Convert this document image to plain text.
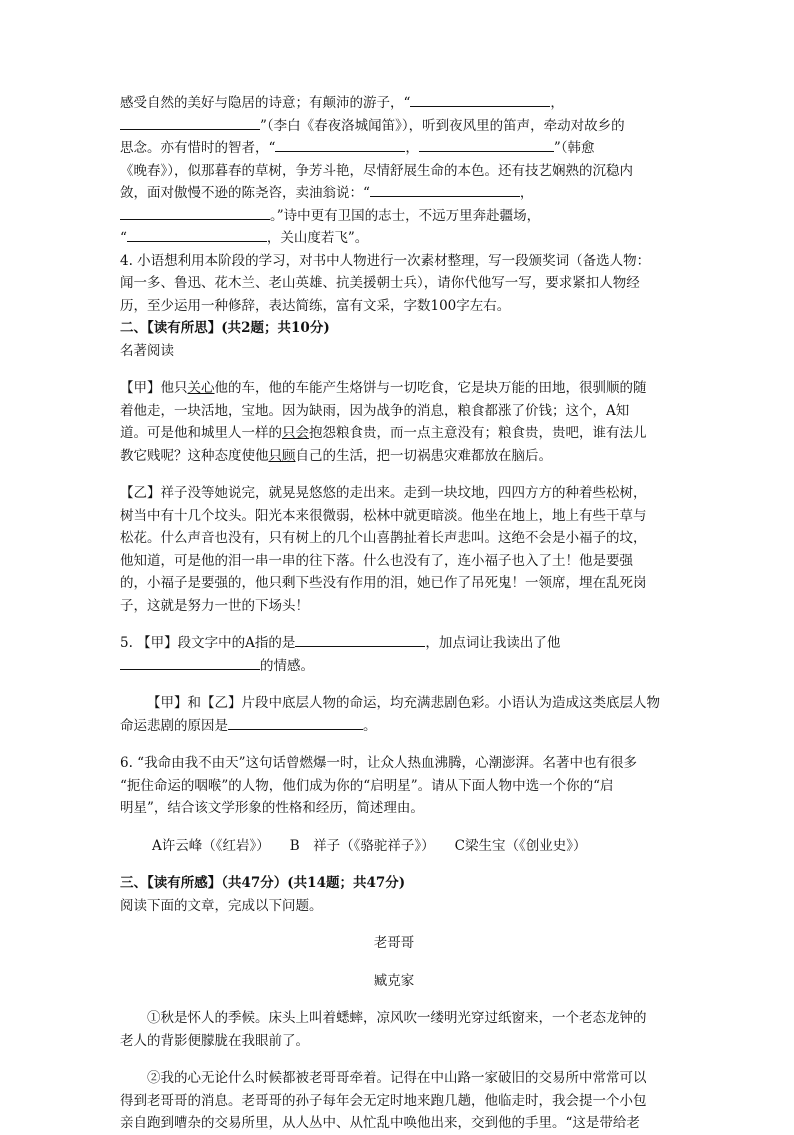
感受自然的美好与隐居的诗意；有颠沛的游子，“	，

”（李白《春夜洛城闻笛》），听到夜风里的笛声，牵动对故乡的

思念。亦有惜时的智者，“	，	”（韩愈

《晚春》），似那暮春的草树，争芳斗艳，尽情舒展生命的本色。还有技艺娴熟的沉稳内

敛，面对傲慢不逊的陈尧咨，卖油翁说：“	，

。”诗中更有卫国的志士，不远万里奔赴疆场，

“	，关山度若飞”。

4. 小语想利用本阶段的学习，对书中人物进行一次素材整理，写一段颁奖词（备选人物：

闻一多、鲁迅、花木兰、老山英雄、抗美援朝士兵），请你代他写一写，要求紧扣人物经

历，至少运用一种修辞，表达简练，富有文采，字数100字左右。

二、【读有所思】(共2题；共10分)

名著阅读

【甲】他只关心他的车，他的车能产生烙饼与一切吃食，它是块万能的田地，很驯顺的随

着他走，一块活地，宝地。因为缺雨，因为战争的消息，粮食都涨了价钱；这个，A知

道。可是他和城里人一样的只会抱怨粮食贵，而一点主意没有；粮食贵，贵吧，谁有法儿

教它贱呢？这种态度使他只顾自己的生活，把一切祸患灾难都放在脑后。

【乙】祥子没等她说完，就晃晃悠悠的走出来。走到一块坟地，四四方方的种着些松树，

树当中有十几个坟头。阳光本来很微弱，松林中就更暗淡。他坐在地上，地上有些干草与

松花。什么声音也没有，只有树上的几个山喜鹊扯着长声悲叫。这绝不会是小福子的坟，

他知道，可是他的泪一串一串的往下落。什么也没有了，连小福子也入了土！他是要强

的，小福子是要强的，他只剩下些没有作用的泪，她已作了吊死鬼！一领席，埋在乱死岗

子，这就是努力一世的下场头！

5. 【甲】段文字中的A指的是	，加点词让我读出了他

的情感。

【甲】和【乙】片段中底层人物的命运，均充满悲剧色彩。小语认为造成这类底层人物

命运悲剧的原因是	。

6. “我命由我不由天”这句话曾燃爆一时，让众人热血沸腾，心潮澎湃。名著中也有很多

“扼住命运的咽喉”的人物，他们成为你的“启明星”。请从下面人物中选一个你的“启

明星”，结合该文学形象的性格和经历，简述理由。

A许云峰（《红岩》） B　祥子（《骆驼祥子》） C梁生宝（《创业史》）

三、【读有所感】（共47分）(共14题；共47分)

阅读下面的文章，完成以下问题。

老哥哥

臧克家

①秋是怀人的季候。床头上叫着蟋蟀，凉风吹一缕明光穿过纸窗来，一个老态龙钟的

老人的背影便朦胧在我眼前了。

②我的心无论什么时候都被老哥哥牵着。记得在中山路一家破旧的交易所中常常可以

得到老哥哥的消息。老哥哥的孙子每年会无定时地来跑几趟，他临走时，我会提一个小包

亲自跑到嘈杂的交易所里，从人丛中、从忙乱中唤他出来，交到他的手里。“这是带给老
